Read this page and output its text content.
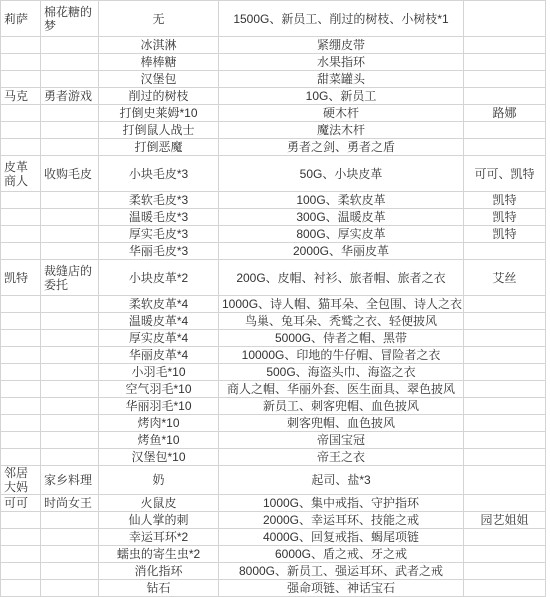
莉萨	棉花糖的梦	无	1500G、新员工、削过的树枝、小树枝*1	
		冰淇淋	紧绷皮带	
		棒棒糖	水果指环	
		汉堡包	甜菜罐头	
马克	勇者游戏	削过的树枝	10G、新员工	
		打倒史莱姆*10	硬木杆	路娜
		打倒鼠人战士	魔法木杆	
		打倒恶魔	勇者之剑、勇者之盾	
皮革商人	收购毛皮	小块毛皮*3	50G、小块皮革	可可、凯特
		柔软毛皮*3	100G、柔软皮革	凯特
		温暖毛皮*3	300G、温暖皮革	凯特
		厚实毛皮*3	800G、厚实皮革	凯特
		华丽毛皮*3	2000G、华丽皮革	
凯特	裁缝店的委托	小块皮革*2	200G、皮帽、衬衫、旅者帽、旅者之衣	艾丝
		柔软皮革*4	1000G、诗人帽、猫耳朵、全包围、诗人之衣	
		温暖皮革*4	鸟巢、兔耳朵、秃鹫之衣、轻便披风	
		厚实皮革*4	5000G、侍者之帽、黑带	
		华丽皮革*4	10000G、印地的牛仔帽、冒险者之衣	
		小羽毛*10	500G、海盗头巾、海盗之衣	
		空气羽毛*10	商人之帽、华丽外套、医生面具、翠色披风	
		华丽羽毛*10	新员工、刺客兜帽、血色披风	
		烤肉*10	刺客兜帽、血色披风	
		烤鱼*10	帝国宝冠	
		汉堡包*10	帝王之衣	
邻居大妈	家乡料理	奶	起司、盐*3	
可可	时尚女王	火鼠皮	1000G、集中戒指、守护指环	
		仙人掌的刺	2000G、幸运耳环、技能之戒	园艺姐姐
		幸运耳环*2	4000G、回复戒指、蝎尾项链	
		蠕虫的寄生虫*2	6000G、盾之戒、牙之戒	
		消化指环	8000G、新员工、强运耳环、武者之戒	
		钻石	强命项链、神话宝石	
